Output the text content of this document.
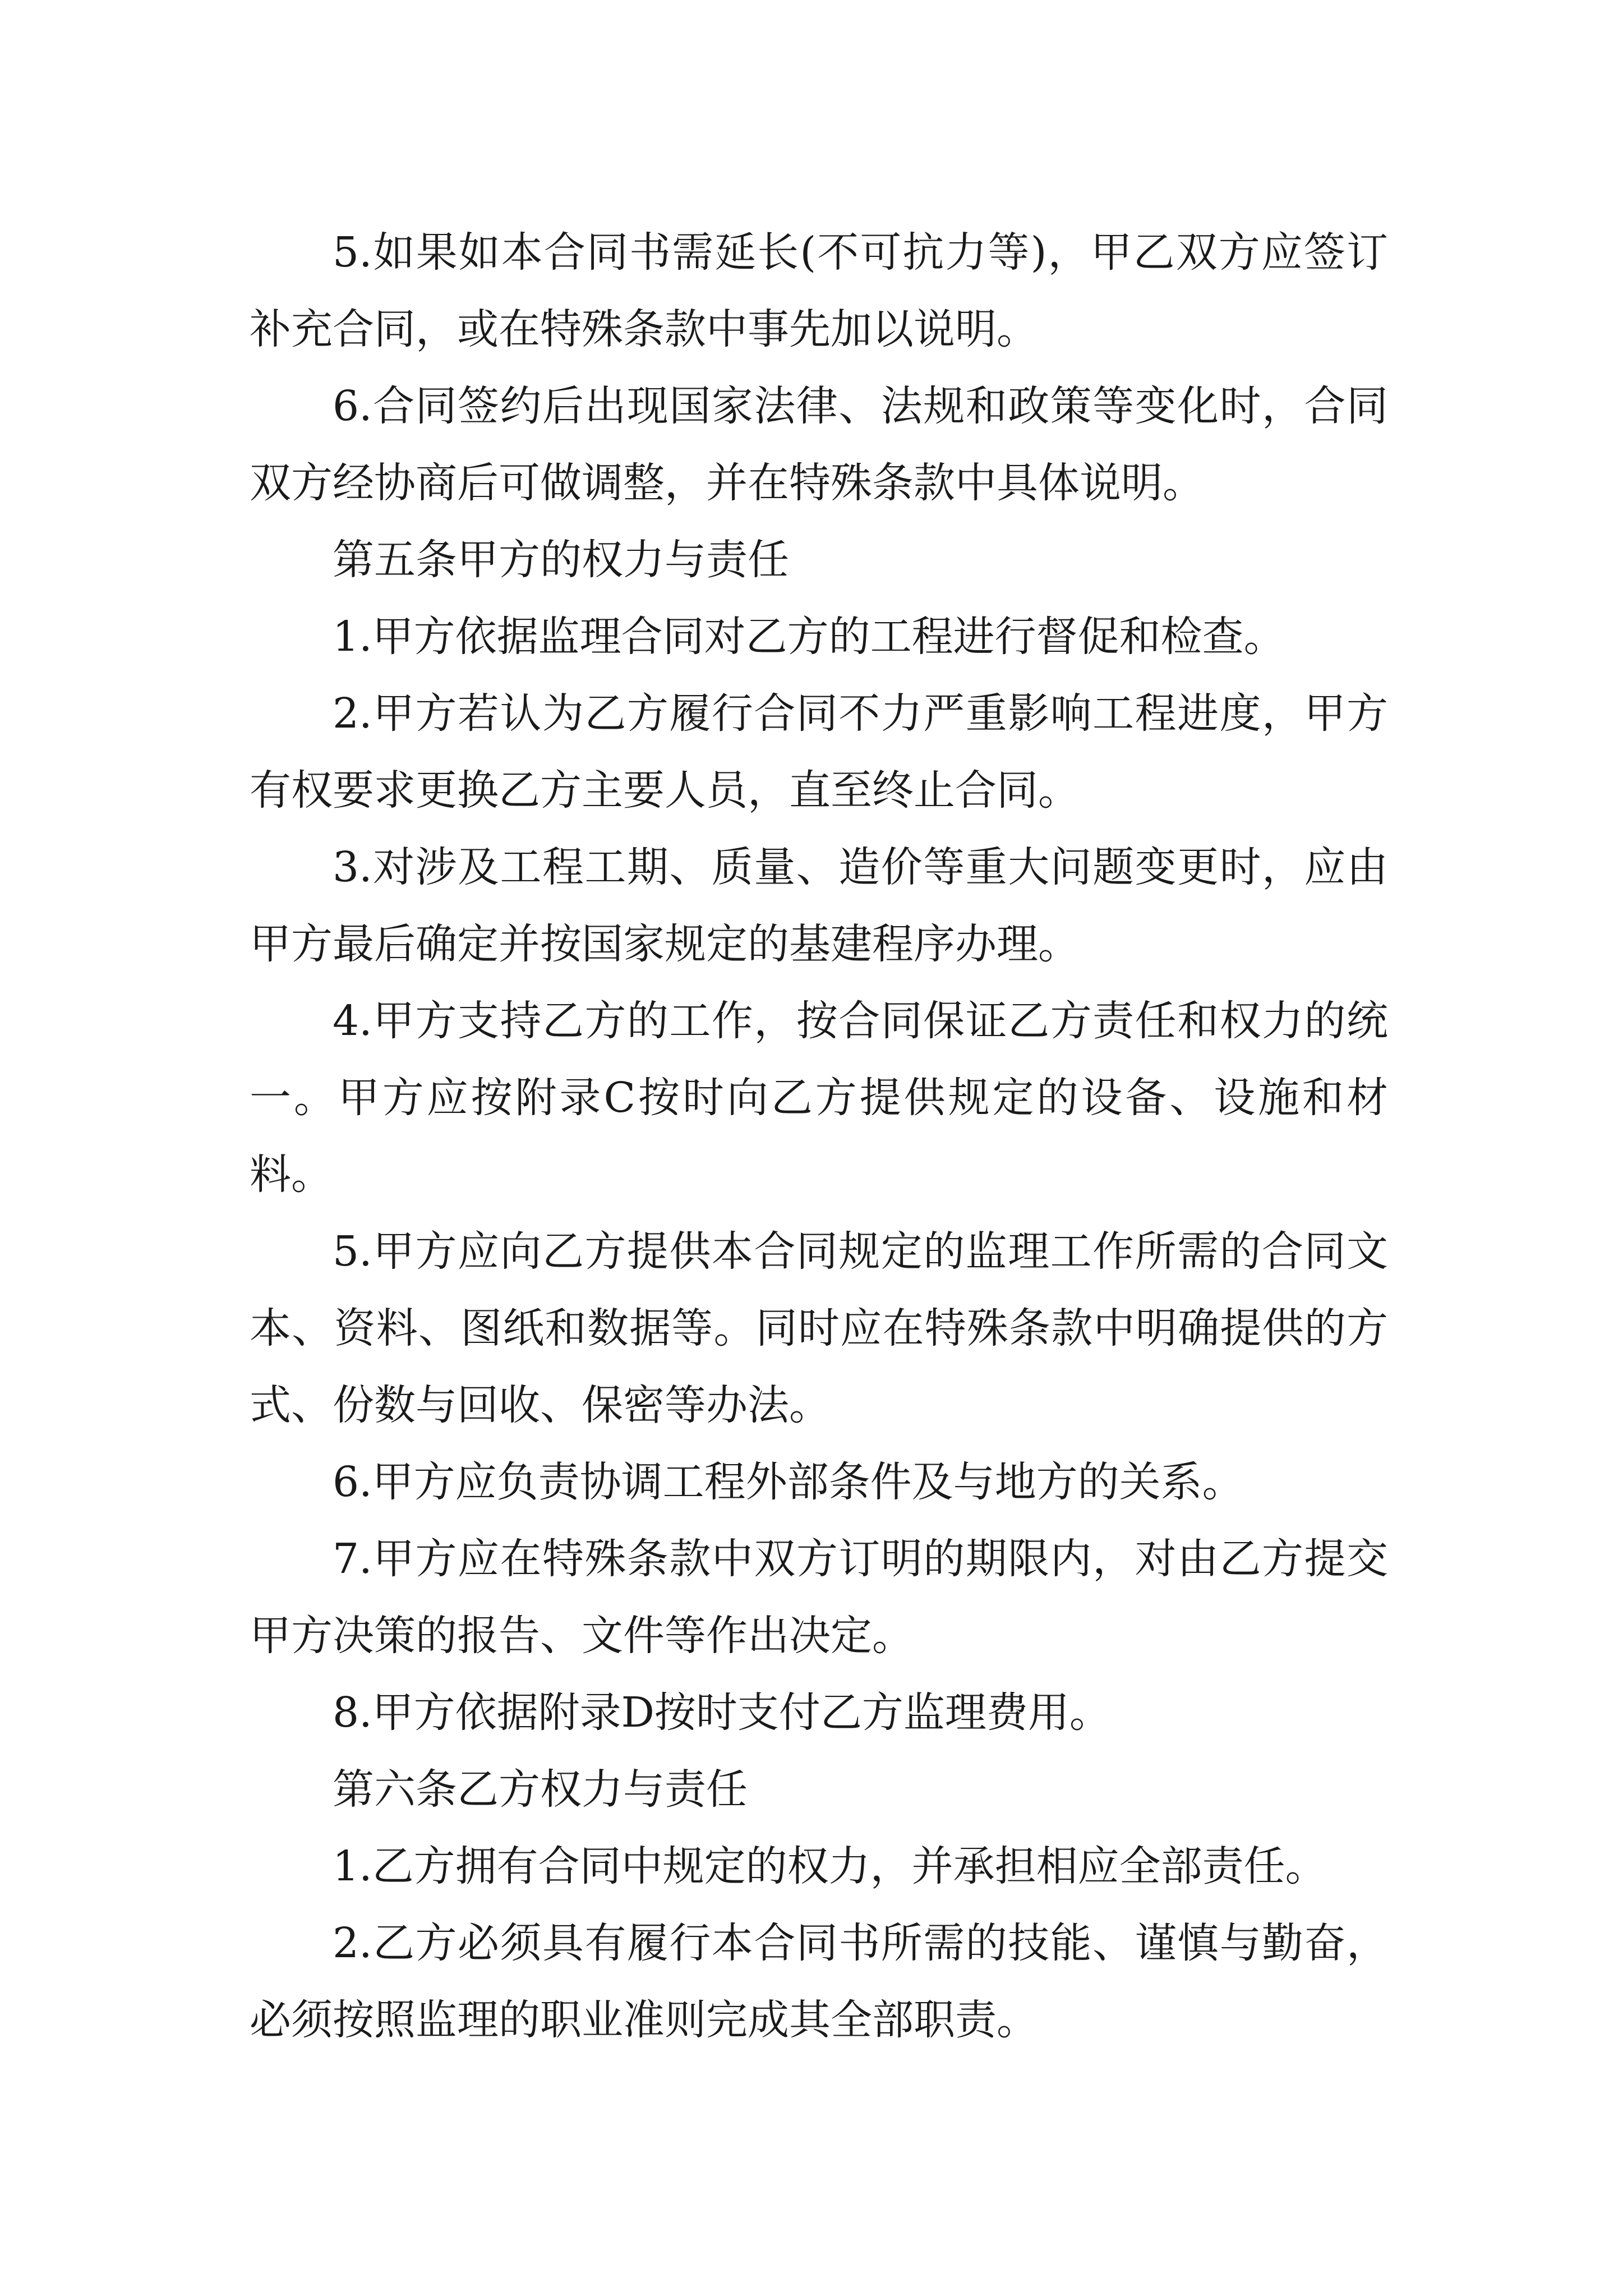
5.如果如本合同书需延长(不可抗力等)，甲乙双方应签订补充合同，或在特殊条款中事先加以说明。

6.合同签约后出现国家法律、法规和政策等变化时，合同双方经协商后可做调整，并在特殊条款中具体说明。

第五条甲方的权力与责任

1.甲方依据监理合同对乙方的工程进行督促和检查。

2.甲方若认为乙方履行合同不力严重影响工程进度，甲方有权要求更换乙方主要人员，直至终止合同。

3.对涉及工程工期、质量、造价等重大问题变更时，应由甲方最后确定并按国家规定的基建程序办理。

4.甲方支持乙方的工作，按合同保证乙方责任和权力的统一。甲方应按附录C按时向乙方提供规定的设备、设施和材料。

5.甲方应向乙方提供本合同规定的监理工作所需的合同文本、资料、图纸和数据等。同时应在特殊条款中明确提供的方式、份数与回收、保密等办法。

6.甲方应负责协调工程外部条件及与地方的关系。

7.甲方应在特殊条款中双方订明的期限内，对由乙方提交甲方决策的报告、文件等作出决定。

8.甲方依据附录D按时支付乙方监理费用。

第六条乙方权力与责任

1.乙方拥有合同中规定的权力，并承担相应全部责任。

2.乙方必须具有履行本合同书所需的技能、谨慎与勤奋，必须按照监理的职业准则完成其全部职责。
